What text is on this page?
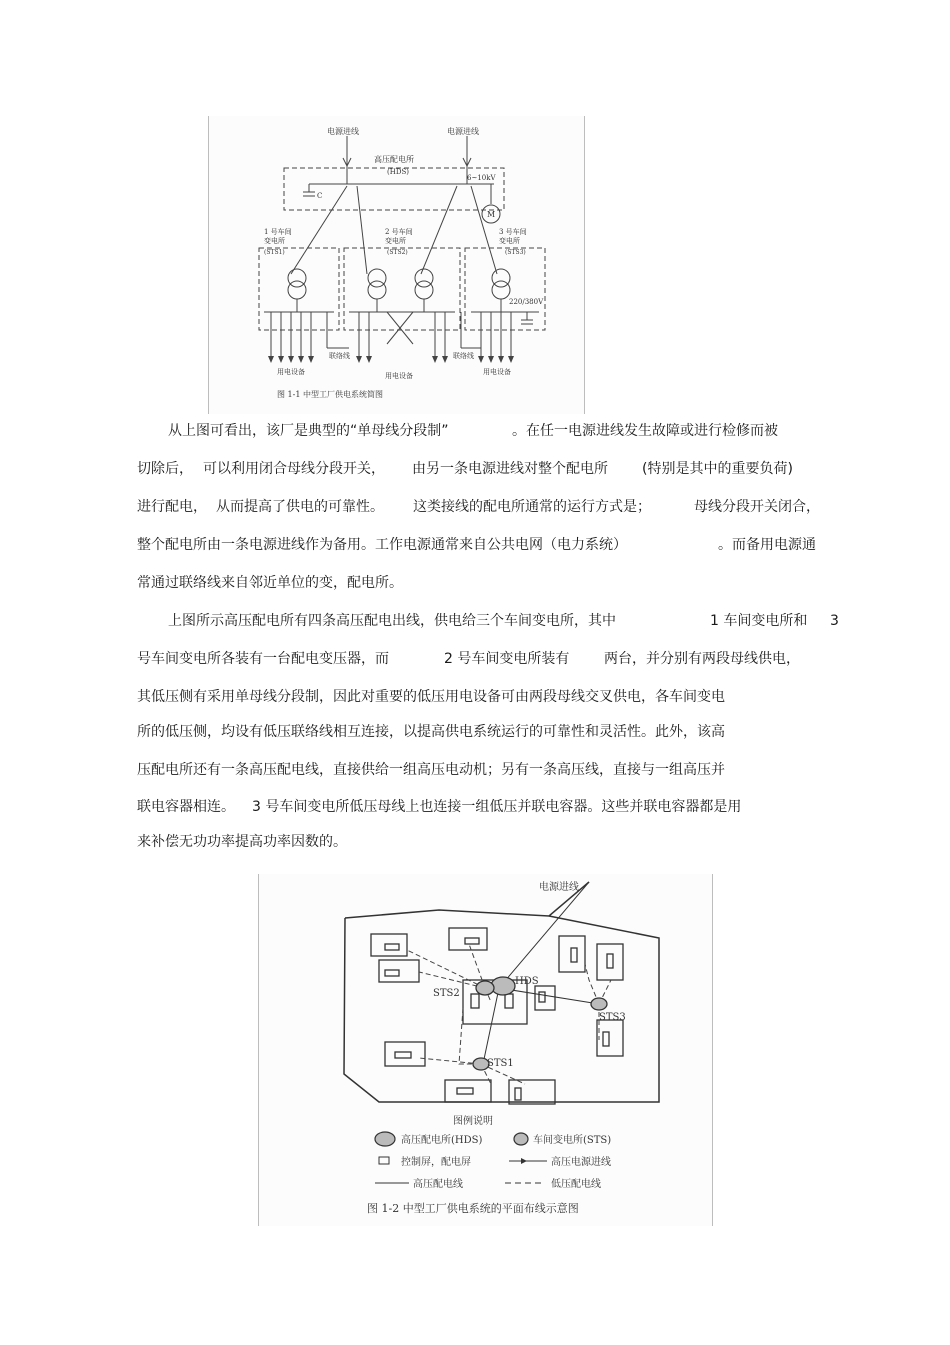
电源进线	电源进线
高压配电所
(HDS)
6~10kV
C
M
1 号车间
变电所
(STS1)
2 号车间
变电所
(STS2)
3 号车间
变电所
(STS3)
220/380V
联络线	联络线
用电设备	用电设备	用电设备
图 1-1 中型工厂供电系统简图
从上图可看出，该厂是典型的“单母线分段制”	。在任一电源进线发生故障或进行检修而被
切除后， 可以利用闭合母线分段开关， 由另一条电源进线对整个配电所 (特别是其中的重要负荷)
进行配电， 从而提高了供电的可靠性。 这类接线的配电所通常的运行方式是；	母线分段开关闭合，
整个配电所由一条电源进线作为备用。工作电源通常来自公共电网（电力系统）	。而备用电源通
常通过联络线来自邻近单位的变，配电所。
上图所示高压配电所有四条高压配电出线，供电给三个车间变电所，其中	1 车间变电所和 3
号车间变电所各装有一台配电变压器，而	2 号车间变电所装有 两台，并分别有两段母线供电，
其低压侧有采用单母线分段制，因此对重要的低压用电设备可由两段母线交叉供电，各车间变电
所的低压侧，均设有低压联络线相互连接，以提高供电系统运行的可靠性和灵活性。此外，该高
压配电所还有一条高压配电线，直接供给一组高压电动机；另有一条高压线，直接与一组高压并
联电容器相连。 3 号车间变电所低压母线上也连接一组低压并联电容器。这些并联电容器都是用
来补偿无功功率提高功率因数的。
电源进线
HDS
STS2
STS3
STS1
图例说明
高压配电所(HDS)	车间变电所(STS)
控制屏，配电屏	高压电源进线
高压配电线	低压配电线
图 1-2 中型工厂供电系统的平面布线示意图
